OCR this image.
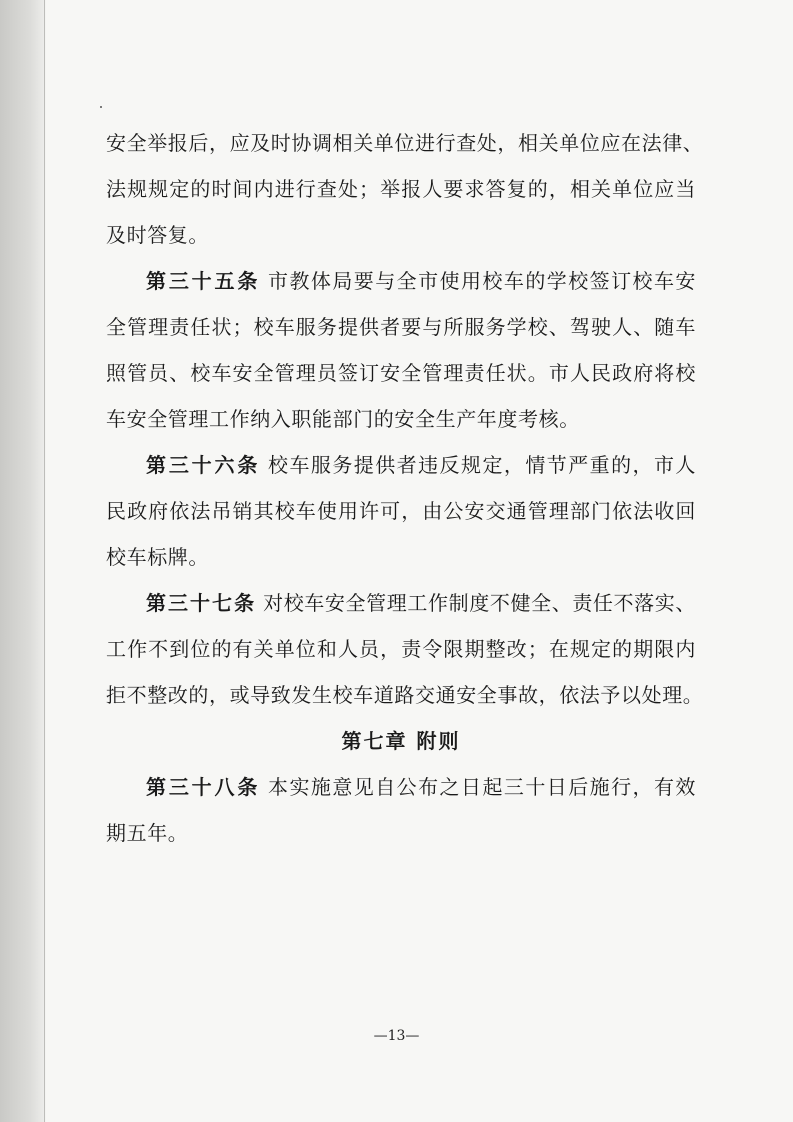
安全举报后，应及时协调相关单位进行查处，相关单位应在法律、
法规规定的时间内进行查处；举报人要求答复的，相关单位应当
及时答复。
第三十五条 市教体局要与全市使用校车的学校签订校车安
全管理责任状；校车服务提供者要与所服务学校、驾驶人、随车
照管员、校车安全管理员签订安全管理责任状。市人民政府将校
车安全管理工作纳入职能部门的安全生产年度考核。
第三十六条 校车服务提供者违反规定，情节严重的，市人
民政府依法吊销其校车使用许可，由公安交通管理部门依法收回
校车标牌。
第三十七条 对校车安全管理工作制度不健全、责任不落实、
工作不到位的有关单位和人员，责令限期整改；在规定的期限内
拒不整改的，或导致发生校车道路交通安全事故，依法予以处理。
第七章 附则
第三十八条 本实施意见自公布之日起三十日后施行，有效
期五年。
—13—
